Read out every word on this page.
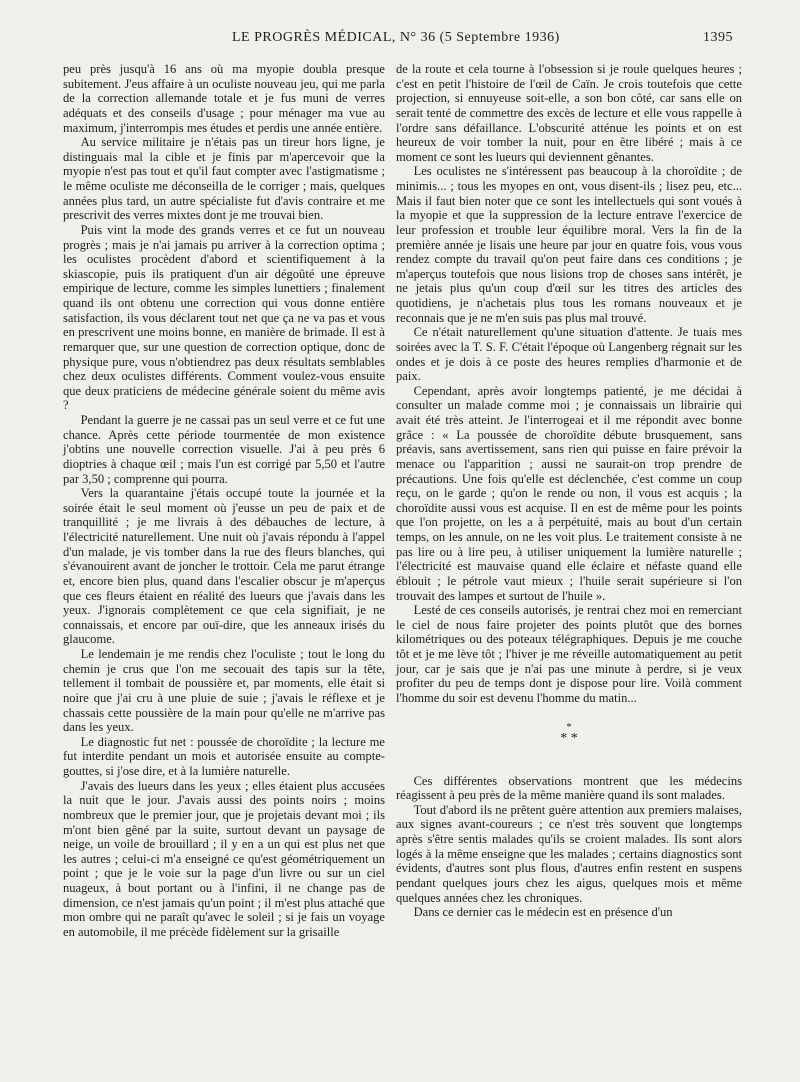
LE PROGRÈS MÉDICAL, N° 36 (5 Septembre 1936)	1395

peu près jusqu'à 16 ans où ma myopie doubla presque subitement. J'eus affaire à un oculiste nouveau jeu, qui me parla de la correction allemande totale et je fus muni de verres adéquats et des conseils d'usage ; pour ménager ma vue au maximum, j'interrompis mes études et perdis une année entière.

Au service militaire je n'étais pas un tireur hors ligne, je distinguais mal la cible et je finis par m'apercevoir que la myopie n'est pas tout et qu'il faut compter avec l'astigmatisme ; le même oculiste me déconseilla de le corriger ; mais, quelques années plus tard, un autre spécialiste fut d'avis contraire et me prescrivit des verres mixtes dont je me trouvai bien.

Puis vint la mode des grands verres et ce fut un nouveau progrès ; mais je n'ai jamais pu arriver à la correction optima ; les oculistes procèdent d'abord et scientifiquement à la skiascopie, puis ils pratiquent d'un air dégoûté une épreuve empirique de lecture, comme les simples lunettiers ; finalement quand ils ont obtenu une correction qui vous donne entière satisfaction, ils vous déclarent tout net que ça ne va pas et vous en prescrivent une moins bonne, en manière de brimade. Il est à remarquer que, sur une question de correction optique, donc de physique pure, vous n'obtiendrez pas deux résultats semblables chez deux oculistes différents. Comment voulez-vous ensuite que deux praticiens de médecine générale soient du même avis ?

Pendant la guerre je ne cassai pas un seul verre et ce fut une chance. Après cette période tourmentée de mon existence j'obtins une nouvelle correction visuelle. J'ai à peu près 6 dioptries à chaque œil ; mais l'un est corrigé par 5,50 et l'autre par 3,50 ; comprenne qui pourra.

Vers la quarantaine j'étais occupé toute la journée et la soirée était le seul moment où j'eusse un peu de paix et de tranquillité ; je me livrais à des débauches de lecture, à l'électricité naturellement. Une nuit où j'avais répondu à l'appel d'un malade, je vis tomber dans la rue des fleurs blanches, qui s'évanouirent avant de joncher le trottoir. Cela me parut étrange et, encore bien plus, quand dans l'escalier obscur je m'aperçus que ces fleurs étaient en réalité des lueurs que j'avais dans les yeux. J'ignorais complètement ce que cela signifiait, je ne connaissais, et encore par ouï-dire, que les anneaux irisés du glaucome.

Le lendemain je me rendis chez l'oculiste ; tout le long du chemin je crus que l'on me secouait des tapis sur la tête, tellement il tombait de poussière et, par moments, elle était si noire que j'ai cru à une pluie de suie ; j'avais le réflexe et je chassais cette poussière de la main pour qu'elle ne m'arrive pas dans les yeux.

Le diagnostic fut net : poussée de choroïdite ; la lecture me fut interdite pendant un mois et autorisée ensuite au compte-gouttes, si j'ose dire, et à la lumière naturelle.

J'avais des lueurs dans les yeux ; elles étaient plus accusées la nuit que le jour. J'avais aussi des points noirs ; moins nombreux que le premier jour, que je projetais devant moi ; ils m'ont bien gêné par la suite, surtout devant un paysage de neige, un voile de brouillard ; il y en a un qui est plus net que les autres ; celui-ci m'a enseigné ce qu'est géométriquement un point ; que je le voie sur la page d'un livre ou sur un ciel nuageux, à bout portant ou à l'infini, il ne change pas de dimension, ce n'est jamais qu'un point ; il m'est plus attaché que mon ombre qui ne paraît qu'avec le soleil ; si je fais un voyage en automobile, il me précède fidèlement sur la grisaille

de la route et cela tourne à l'obsession si je roule quelques heures ; c'est en petit l'histoire de l'œil de Caïn. Je crois toutefois que cette projection, si ennuyeuse soit-elle, a son bon côté, car sans elle on serait tenté de commettre des excès de lecture et elle vous rappelle à l'ordre sans défaillance. L'obscurité atténue les points et on est heureux de voir tomber la nuit, pour en être libéré ; mais à ce moment ce sont les lueurs qui deviennent gênantes.

Les oculistes ne s'intéressent pas beaucoup à la choroïdite ; de minimis... ; tous les myopes en ont, vous disent-ils ; lisez peu, etc... Mais il faut bien noter que ce sont les intellectuels qui sont voués à la myopie et que la suppression de la lecture entrave l'exercice de leur profession et trouble leur équilibre moral. Vers la fin de la première année je lisais une heure par jour en quatre fois, vous vous rendez compte du travail qu'on peut faire dans ces conditions ; je m'aperçus toutefois que nous lisions trop de choses sans intérêt, je ne jetais plus qu'un coup d'œil sur les titres des articles des quotidiens, je n'achetais plus tous les romans nouveaux et je reconnais que je ne m'en suis pas plus mal trouvé.

Ce n'était naturellement qu'une situation d'attente. Je tuais mes soirées avec la T. S. F. C'était l'époque où Langenberg régnait sur les ondes et je dois à ce poste des heures remplies d'harmonie et de paix.

Cependant, après avoir longtemps patienté, je me décidai à consulter un malade comme moi ; je connaissais un librairie qui avait été très atteint. Je l'interrogeai et il me répondit avec bonne grâce : « La poussée de choroïdite débute brusquement, sans préavis, sans avertissement, sans rien qui puisse en faire prévoir la menace ou l'apparition ; aussi ne saurait-on trop prendre de précautions. Une fois qu'elle est déclenchée, c'est comme un coup reçu, on le garde ; qu'on le rende ou non, il vous est acquis ; la choroïdite aussi vous est acquise. Il en est de même pour les points que l'on projette, on les a à perpétuité, mais au bout d'un certain temps, on les annule, on ne les voit plus. Le traitement consiste à ne pas lire ou à lire peu, à utiliser uniquement la lumière naturelle ; l'électricité est mauvaise quand elle éclaire et néfaste quand elle éblouit ; le pétrole vaut mieux ; l'huile serait supérieure si l'on trouvait des lampes et surtout de l'huile ».

Lesté de ces conseils autorisés, je rentrai chez moi en remerciant le ciel de nous faire projeter des points plutôt que des bornes kilométriques ou des poteaux télégraphiques. Depuis je me couche tôt et je me lève tôt ; l'hiver je me réveille automatiquement au petit jour, car je sais que je n'ai pas une minute à perdre, si je veux profiter du peu de temps dont je dispose pour lire. Voilà comment l'homme du soir est devenu l'homme du matin...

*
* *

Ces différentes observations montrent que les médecins réagissent à peu près de la même manière quand ils sont malades.

Tout d'abord ils ne prêtent guère attention aux premiers malaises, aux signes avant-coureurs ; ce n'est très souvent que longtemps après s'être sentis malades qu'ils se croient malades. Ils sont alors logés à la même enseigne que les malades ; certains diagnostics sont évidents, d'autres sont plus flous, d'autres enfin restent en suspens pendant quelques jours chez les aigus, quelques mois et même quelques années chez les chroniques.

Dans ce dernier cas le médecin est en présence d'un
